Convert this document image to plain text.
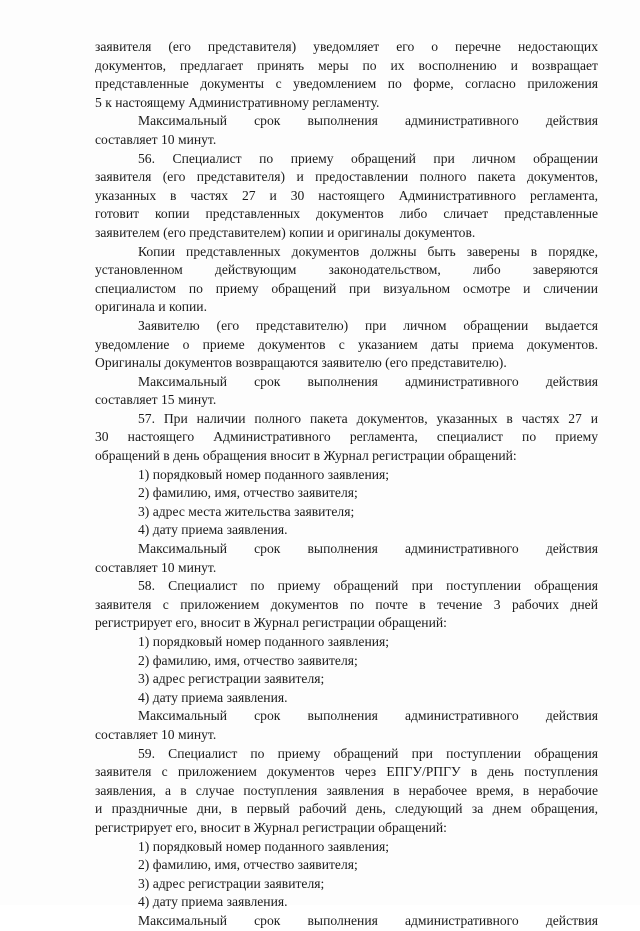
заявителя (его представителя) уведомляет его о перечне недостающих
документов, предлагает принять меры по их восполнению и возвращает
представленные документы с уведомлением по форме, согласно приложения
5 к настоящему Административному регламенту.
Максимальный срок выполнения административного действия
составляет 10 минут.
56. Специалист по приему обращений при личном обращении
заявителя (его представителя) и предоставлении полного пакета документов,
указанных в частях 27 и 30 настоящего Административного регламента,
готовит копии представленных документов либо сличает представленные
заявителем (его представителем) копии и оригиналы документов.
Копии представленных документов должны быть заверены в порядке,
установленном действующим законодательством, либо заверяются
специалистом по приему обращений при визуальном осмотре и сличении
оригинала и копии.
Заявителю (его представителю) при личном обращении выдается
уведомление о приеме документов с указанием даты приема документов.
Оригиналы документов возвращаются заявителю (его представителю).
Максимальный срок выполнения административного действия
составляет 15 минут.
57. При наличии полного пакета документов, указанных в частях 27 и
30 настоящего Административного регламента, специалист по приему
обращений в день обращения вносит в Журнал регистрации обращений:
1) порядковый номер поданного заявления;
2) фамилию, имя, отчество заявителя;
3) адрес места жительства заявителя;
4) дату приема заявления.
Максимальный срок выполнения административного действия
составляет 10 минут.
58. Специалист по приему обращений при поступлении обращения
заявителя с приложением документов по почте в течение 3 рабочих дней
регистрирует его, вносит в Журнал регистрации обращений:
1) порядковый номер поданного заявления;
2) фамилию, имя, отчество заявителя;
3) адрес регистрации заявителя;
4) дату приема заявления.
Максимальный срок выполнения административного действия
составляет 10 минут.
59. Специалист по приему обращений при поступлении обращения
заявителя с приложением документов через ЕПГУ/РПГУ в день поступления
заявления, а в случае поступления заявления в нерабочее время, в нерабочие
и праздничные дни, в первый рабочий день, следующий за днем обращения,
регистрирует его, вносит в Журнал регистрации обращений:
1) порядковый номер поданного заявления;
2) фамилию, имя, отчество заявителя;
3) адрес регистрации заявителя;
4) дату приема заявления.
Максимальный срок выполнения административного действия
